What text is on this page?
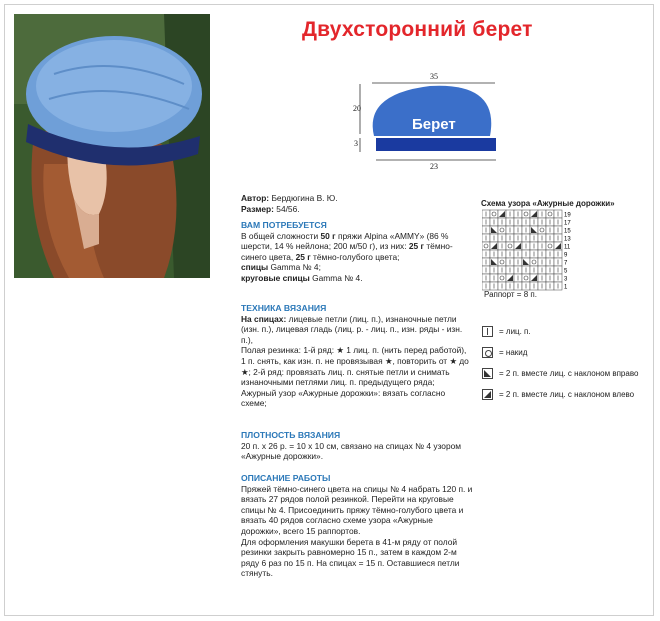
Двухсторонний берет
35
20
3
23
Берет

Автор: Бердюгина В. Ю.

Размер: 54/56.

ВАМ ПОТРЕБУЕТСЯ

В общей сложности 50 г пряжи Alpina «AMMY» (86 % шерсти, 14 % нейлона; 200 м/50 г), из них: 25 г тёмно-синего цвета, 25 г тёмно-голубого цвета;

спицы Gamma № 4;

круговые спицы Gamma № 4.

ТЕХНИКА ВЯЗАНИЯ

На спицах: лицевые петли (лиц. п.), изнаночные петли (изн. п.), лицевая гладь (лиц. р. - лиц. п., изн. ряды - изн. п.),

Полая резинка: 1-й ряд: ★ 1 лиц. п. (нить перед работой), 1 п. снять, как изн. п. не провязывая ★, повторить от ★ до ★; 2-й ряд: провязать лиц. п. снятые петли и снимать изнаночными петлями лиц. п. предыдущего ряда;

Ажурный узор «Ажурные дорожки»: вязать согласно схеме;

ПЛОТНОСТЬ ВЯЗАНИЯ

20 п. х 26 р. = 10 х 10 см, связано на спицах № 4 узором «Ажурные дорожки».

ОПИСАНИЕ РАБОТЫ

Пряжей тёмно-синего цвета на спицы № 4 набрать 120 п. и вязать 27 рядов полой резинкой. Перейти на круговые спицы № 4. Присоединить пряжу тёмно-голубого цвета и вязать 40 рядов согласно схеме узора «Ажурные дорожки», всего 15 раппортов.

Для оформления макушки берета в 41-м ряду от полой резинки закрыть равномерно 15 п., затем в каждом 2-м ряду 6 раз по 15 п. На спицах = 15 п. Оставшиеся петли стянуть.

Схема узора «Ажурные дорожки»
19
17
15
13
11
9
7
5
3
1
Раппорт = 8 п.
= лиц. п.
= накид
= 2 п. вместе лиц. с наклоном вправо
= 2 п. вместе лиц. с наклоном влево
